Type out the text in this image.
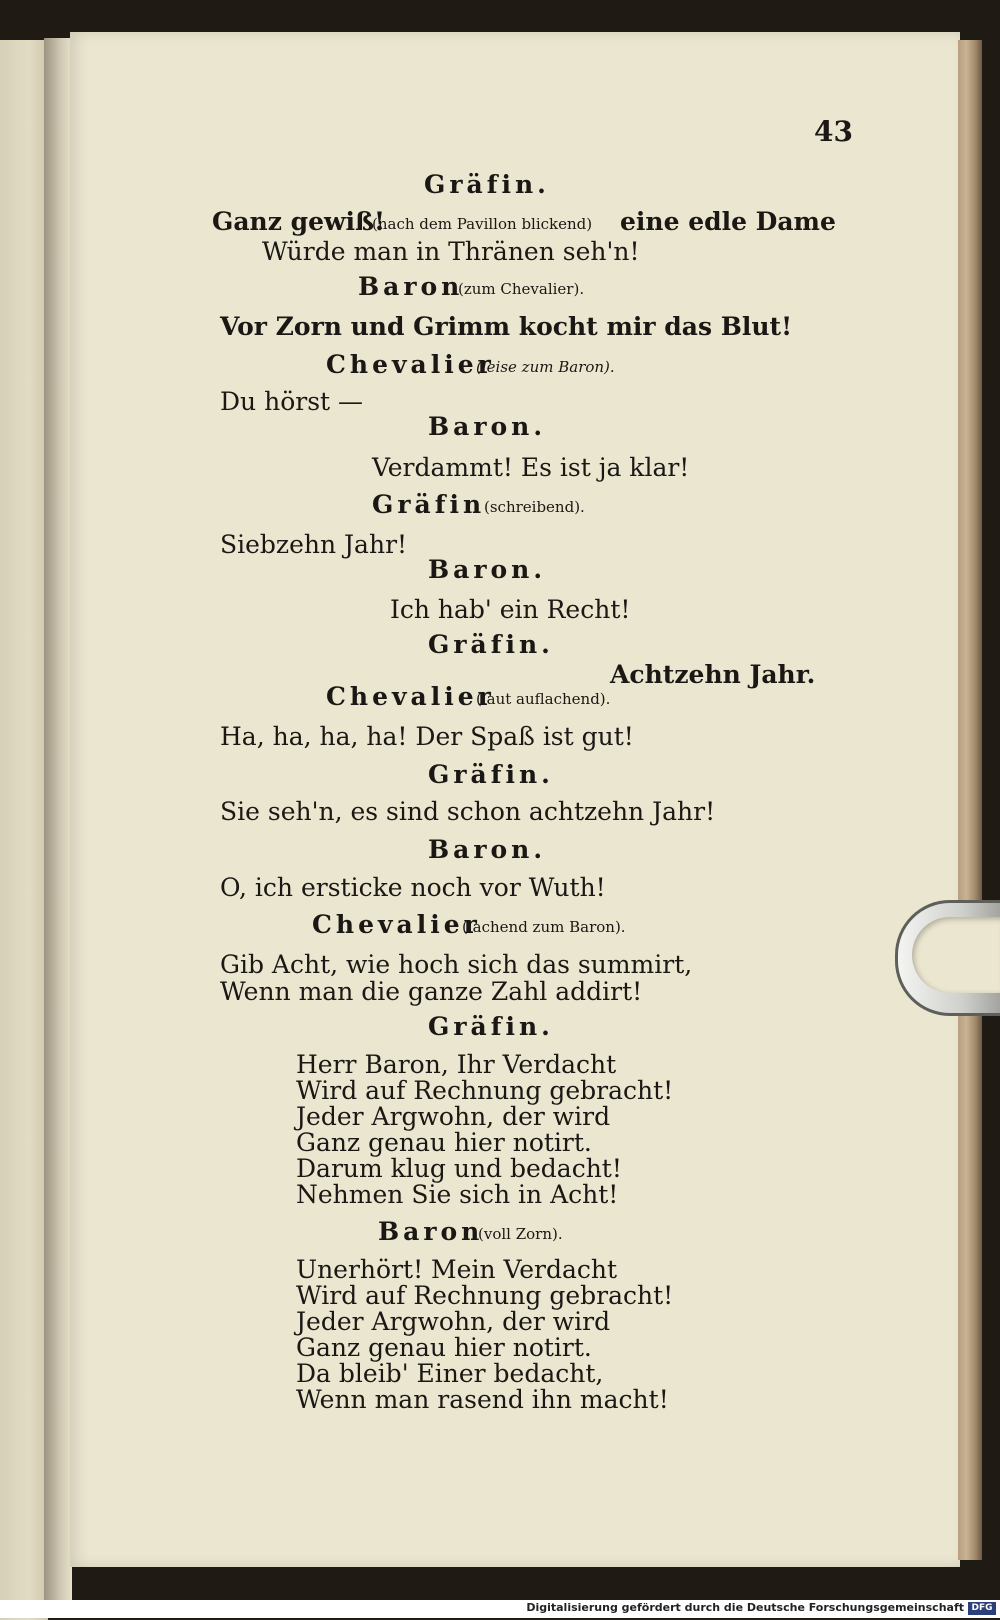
43
Gräfin.
Ganz gewiß!
(nach dem Pavillon blickend) eine edle Dame
Würde man in Thränen seh'n!
Baron
(zum Chevalier).
Vor Zorn und Grimm kocht mir das Blut!
Chevalier
(leise zum Baron).
Du hörst —
Baron.
Verdammt! Es ist ja klar!
Gräfin
(schreibend).
Siebzehn Jahr!
Baron.
Ich hab' ein Recht!
Gräfin.
Achtzehn Jahr.
Chevalier
(laut auflachend).
Ha, ha, ha, ha! Der Spaß ist gut!
Gräfin.
Sie seh'n, es sind schon achtzehn Jahr!
Baron.
O, ich ersticke noch vor Wuth!
Chevalier
(lachend zum Baron).
Gib Acht, wie hoch sich das summirt,
Wenn man die ganze Zahl addirt!
Gräfin.
Herr Baron, Ihr Verdacht
Wird auf Rechnung gebracht!
Jeder Argwohn, der wird
Ganz genau hier notirt.
Darum klug und bedacht!
Nehmen Sie sich in Acht!
Baron
(voll Zorn).
Unerhört! Mein Verdacht
Wird auf Rechnung gebracht!
Jeder Argwohn, der wird
Ganz genau hier notirt.
Da bleib' Einer bedacht,
Wenn man rasend ihn macht!
Digitalisierung gefördert durch die Deutsche Forschungsgemeinschaft DFG
